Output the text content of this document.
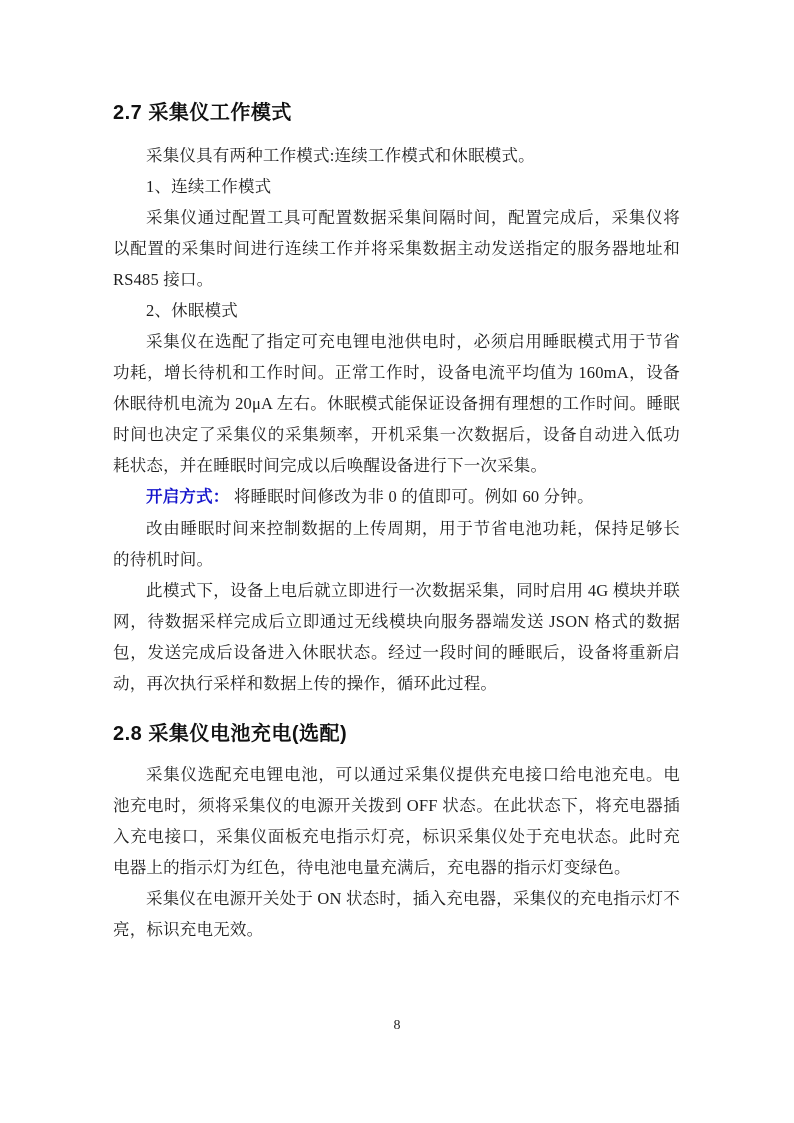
2.7 采集仪工作模式

采集仪具有两种工作模式:连续工作模式和休眠模式。

1、连续工作模式

采集仪通过配置工具可配置数据采集间隔时间，配置完成后，采集仪将以配置的采集时间进行连续工作并将采集数据主动发送指定的服务器地址和 RS485 接口。

2、休眠模式

采集仪在选配了指定可充电锂电池供电时，必须启用睡眠模式用于节省功耗，增长待机和工作时间。正常工作时，设备电流平均值为 160mA，设备休眠待机电流为 20μA 左右。休眠模式能保证设备拥有理想的工作时间。睡眠时间也决定了采集仪的采集频率，开机采集一次数据后，设备自动进入低功耗状态，并在睡眠时间完成以后唤醒设备进行下一次采集。

开启方式： 将睡眠时间修改为非 0 的值即可。例如 60 分钟。

改由睡眠时间来控制数据的上传周期，用于节省电池功耗，保持足够长的待机时间。

此模式下，设备上电后就立即进行一次数据采集，同时启用 4G 模块并联网，待数据采样完成后立即通过无线模块向服务器端发送 JSON 格式的数据包，发送完成后设备进入休眠状态。经过一段时间的睡眠后，设备将重新启动，再次执行采样和数据上传的操作，循环此过程。

2.8 采集仪电池充电(选配)

采集仪选配充电锂电池，可以通过采集仪提供充电接口给电池充电。电池充电时，须将采集仪的电源开关拨到 OFF 状态。在此状态下，将充电器插入充电接口，采集仪面板充电指示灯亮，标识采集仪处于充电状态。此时充电器上的指示灯为红色，待电池电量充满后，充电器的指示灯变绿色。

采集仪在电源开关处于 ON 状态时，插入充电器，采集仪的充电指示灯不亮，标识充电无效。

8
